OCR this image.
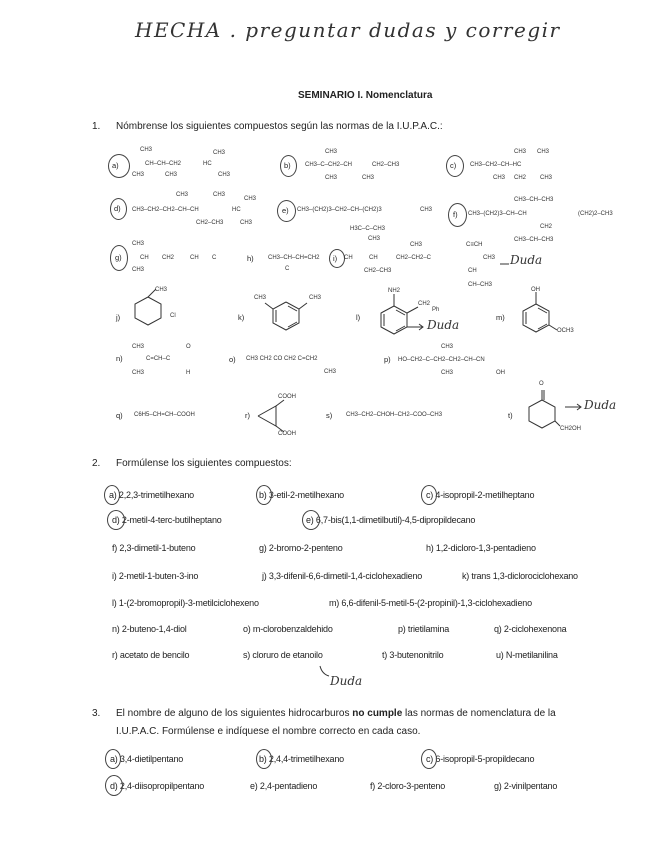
HECHA . preguntar dudas y corregir
SEMINARIO I. Nomenclatura
1. Nómbrense los siguientes compuestos según las normas de la I.U.P.A.C.:
a)	b)	c)
d)	e)	f)
g)	h)	i)
j)	k)	l)	m)
n)	o)	p)
q)	r)	s)	t)
CH3
CH–CH–CH2	HC
CH3
CH3	CH3	CH3
CH3
CH3–C–CH2–CH	CH2–CH3
CH3	CH3
CH3 CH3
CH3–CH2–CH–HC
CH3 CH2 CH3
CH3	CH3
CH3
CH3–CH2–CH2–CH–CH	HC
CH2–CH3	CH3
CH3–(CH2)3–CH2–CH–(CH2)3	CH3
H3C–C–CH3
CH3
CH3–CH–CH3
CH3–(CH2)3–CH–CH	(CH2)2–CH3
CH2
CH3–CH–CH3
CH3
CH CH2	CH C
CH3
CH3–CH–CH=CH2
C
CH3
CH	CH	CH2–CH2–C	CH3
C≡CH
CH2–CH3	CH
CH–CH3
Duda
Duda
Duda
CH3
Cl
CH3	CH3
NH2
CH2
Ph
OH
OCH3
CH3
C=CH–C
CH3
O
H
CH3 CH2 CO CH2 C=CH2
CH3
CH3
HO–CH2–C–CH2–CH2–CH–CN
CH3	OH
C6H5–CH=CH–COOH
COOH
COOH
CH3–CH2–CHOH–CH2–COO–CH3
O
CH2OH
2. Formúlense los siguientes compuestos:
a) 2,2,3-trimetilhexano	b) 3-etil-2-metilhexano	c) 4-isopropil-2-metilheptano
d) 2-metil-4-terc-butilheptano	e) 6,7-bis(1,1-dimetilbutil)-4,5-dipropildecano
f) 2,3-dimetil-1-buteno	g) 2-bromo-2-penteno	h) 1,2-dicloro-1,3-pentadieno
i) 2-metil-1-buten-3-ino	j) 3,3-difenil-6,6-dimetil-1,4-ciclohexadieno	k) trans 1,3-diclorociclohexano
l) 1-(2-bromopropil)-3-metilciclohexeno	m) 6,6-difenil-5-metil-5-(2-propinil)-1,3-ciclohexadieno
n) 2-buteno-1,4-diol	o) m-clorobenzaldehido	p) trietilamina	q) 2-ciclohexenona
r) acetato de bencilo	s) cloruro de etanoilo	t) 3-butenonitrilo	u) N-metilanilina
Duda
3. El nombre de alguno de los siguientes hidrocarburos no cumple las normas de nomenclatura de la
I.U.P.A.C. Formúlense e indíquese el nombre correcto en cada caso.
a) 3,4-dietilpentano	b) 2,4,4-trimetilhexano	c) 6-isopropil-5-propildecano
d) 2,4-diisopropilpentano	e) 2,4-pentadieno	f) 2-cloro-3-penteno	g) 2-vinilpentano
